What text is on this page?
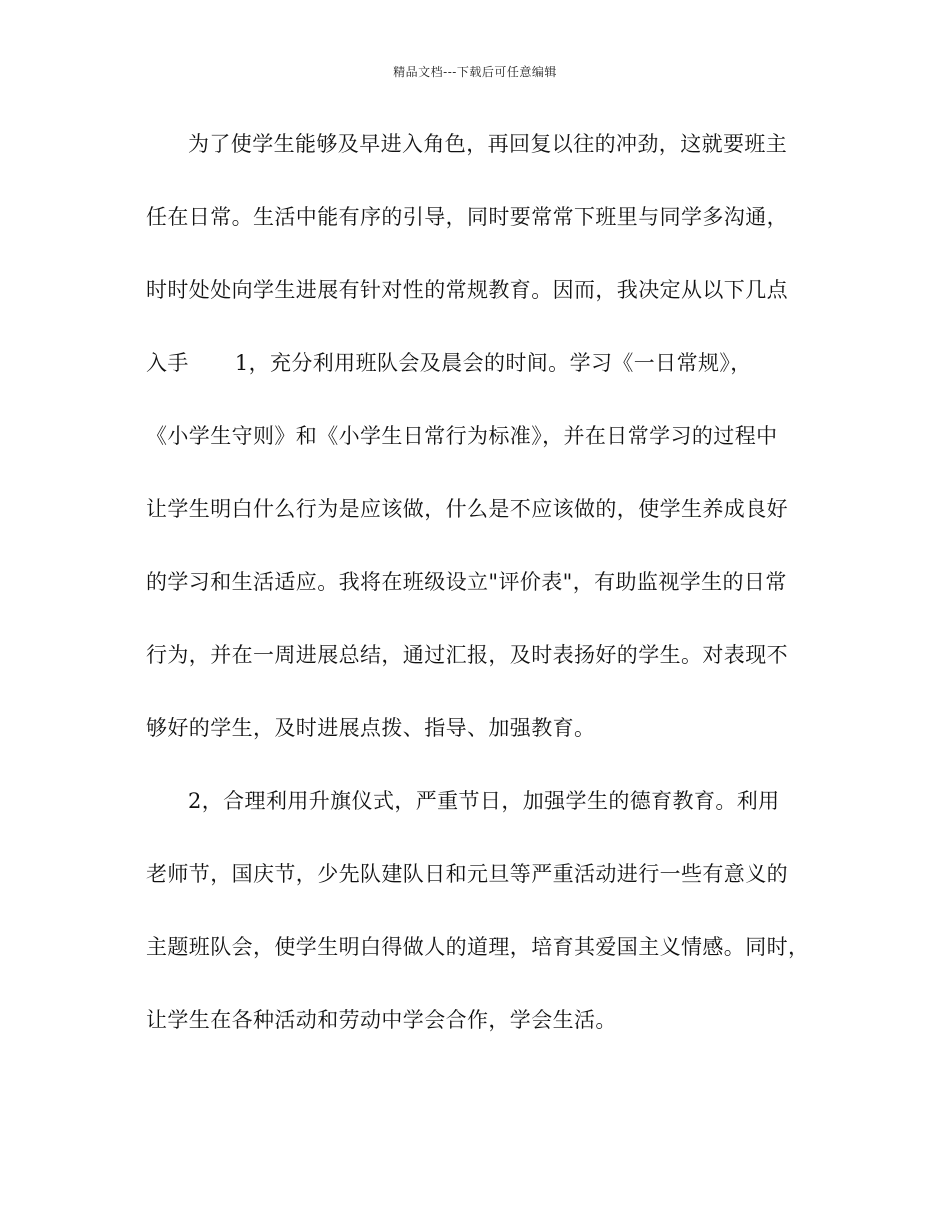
精品文档---下载后可任意编辑
为了使学生能够及早进入角色，再回复以往的冲劲，这就要班主
任在日常。生活中能有序的引导，同时要常常下班里与同学多沟通，
时时处处向学生进展有针对性的常规教育。因而，我决定从以下几点
入手 1，充分利用班队会及晨会的时间。学习《一日常规》，
《小学生守则》和《小学生日常行为标准》，并在日常学习的过程中
让学生明白什么行为是应该做，什么是不应该做的，使学生养成良好
的学习和生活适应。我将在班级设立"评价表"，有助监视学生的日常
行为，并在一周进展总结，通过汇报，及时表扬好的学生。对表现不
够好的学生，及时进展点拨、指导、加强教育。
2，合理利用升旗仪式，严重节日，加强学生的德育教育。利用
老师节，国庆节，少先队建队日和元旦等严重活动进行一些有意义的
主题班队会，使学生明白得做人的道理，培育其爱国主义情感。同时，
让学生在各种活动和劳动中学会合作，学会生活。
